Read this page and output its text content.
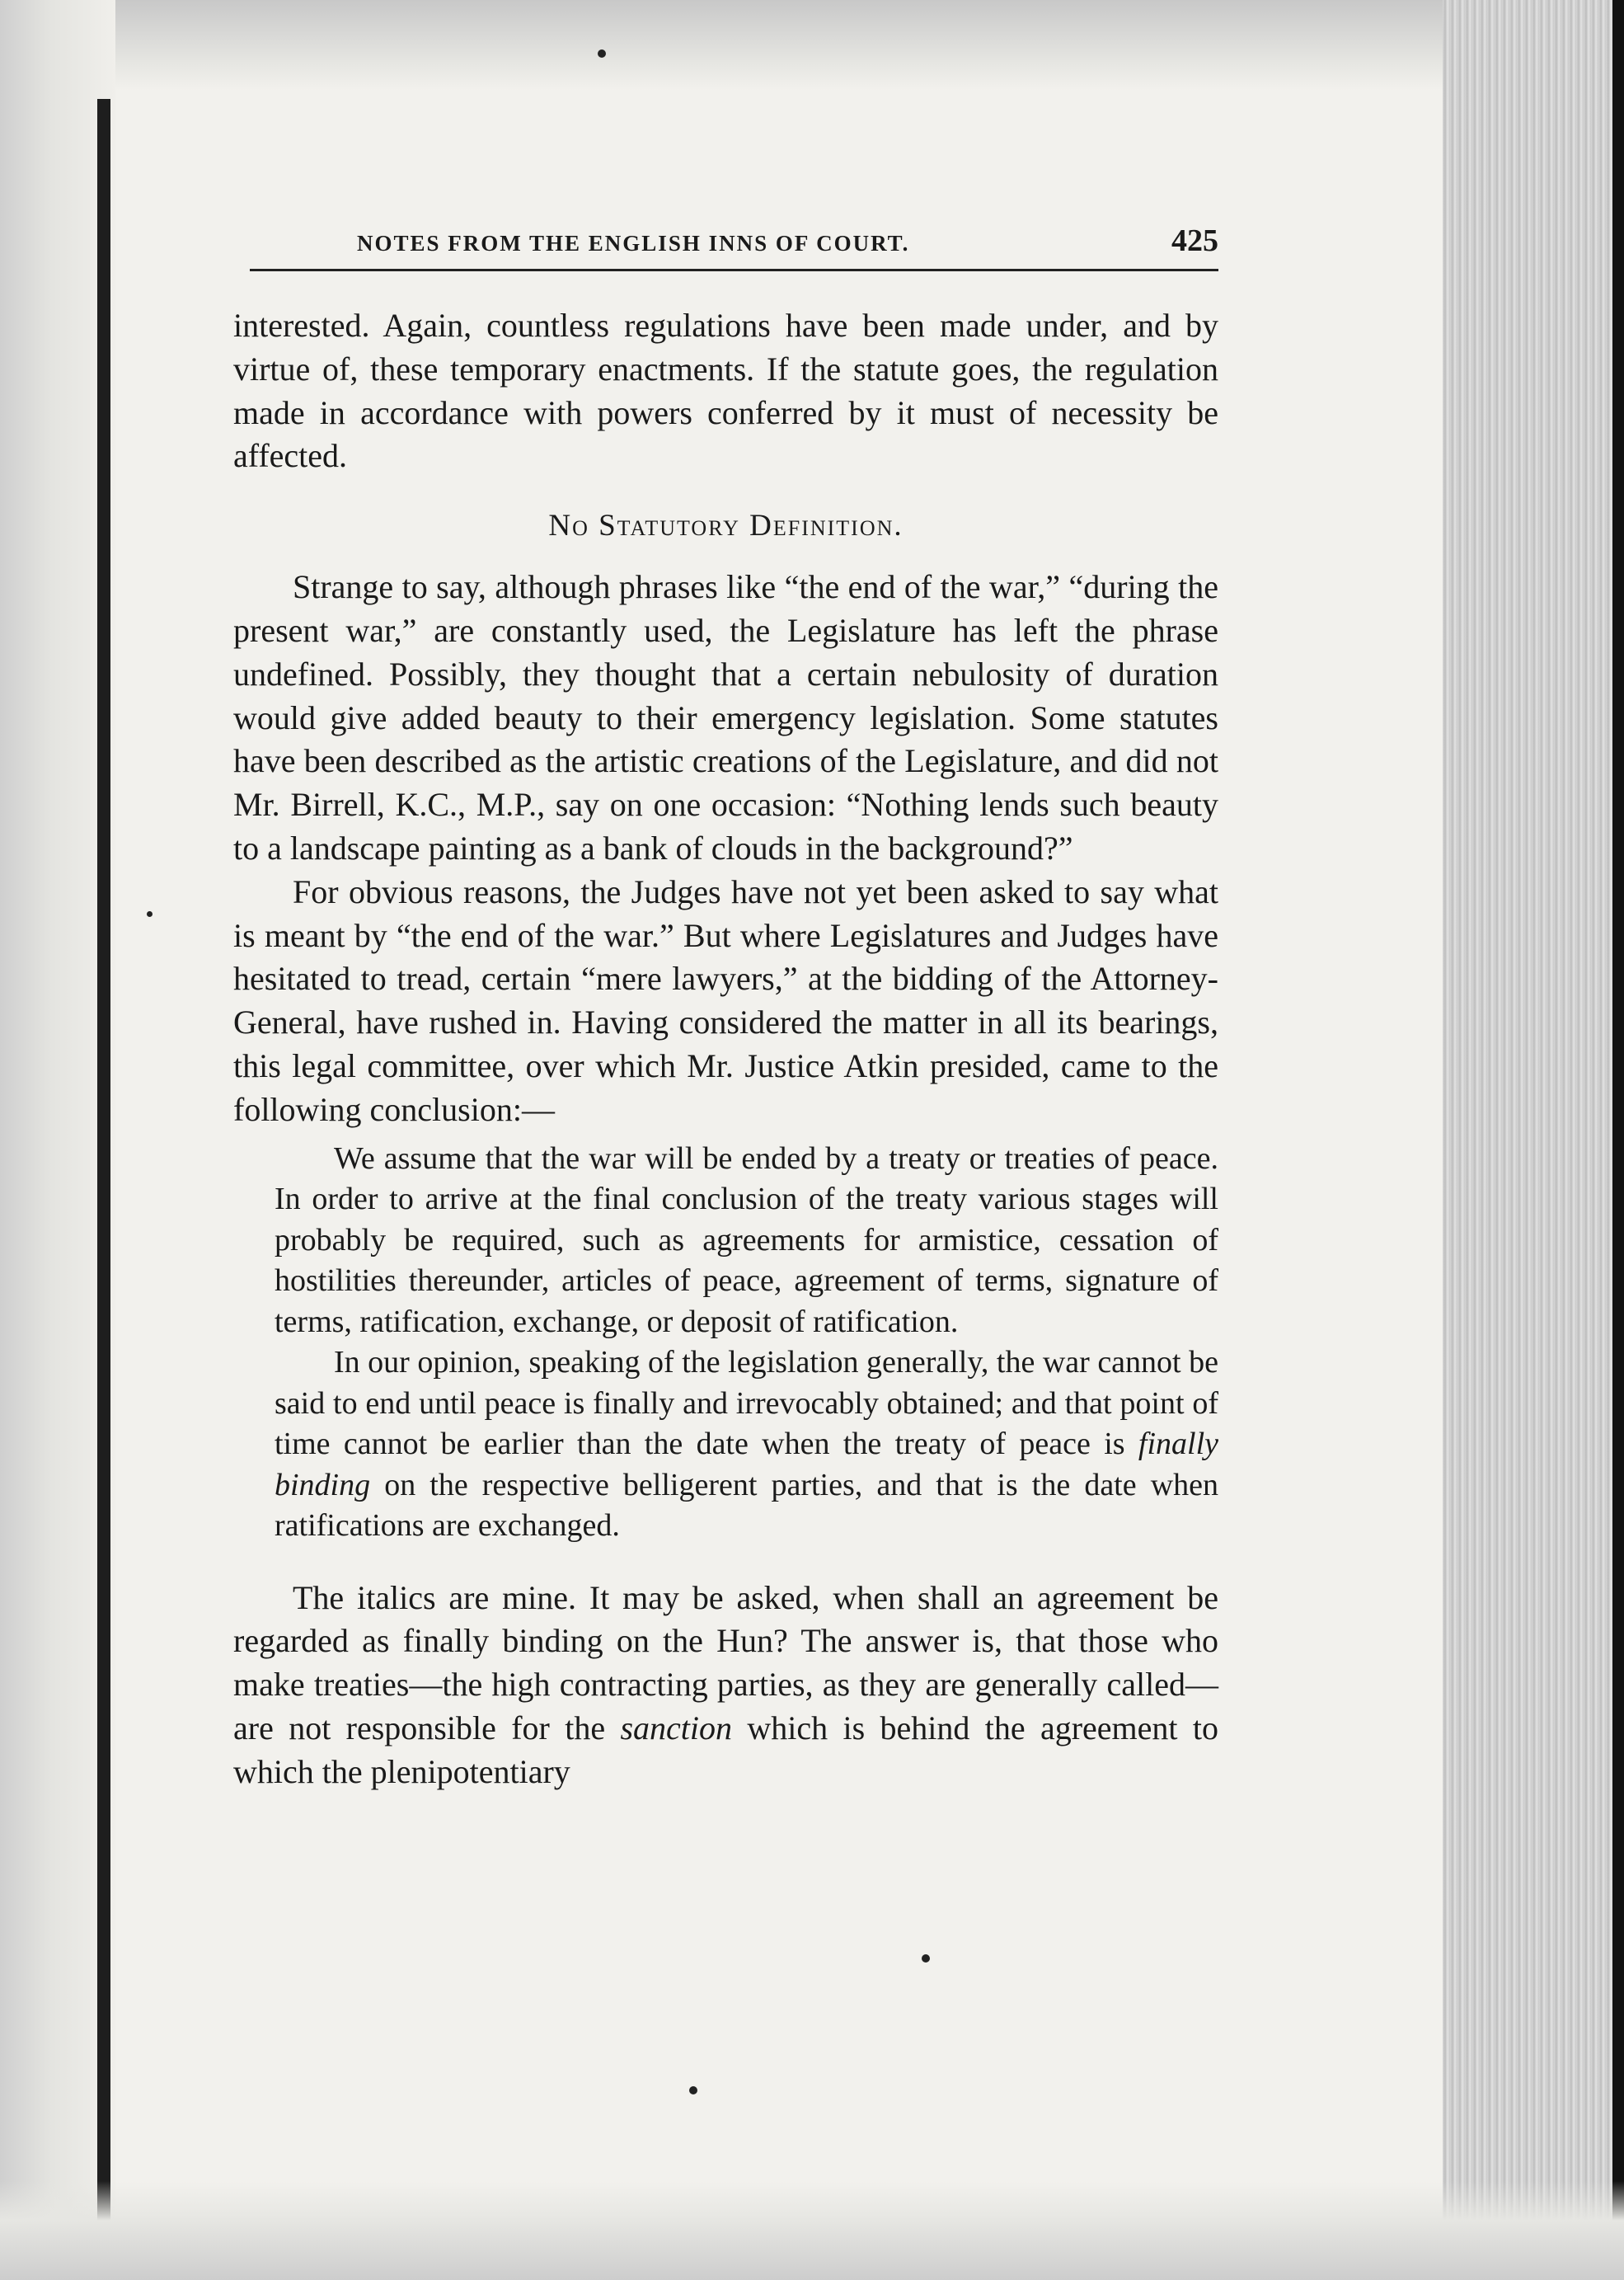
NOTES FROM THE ENGLISH INNS OF COURT.	425

interested. Again, countless regulations have been made under, and by virtue of, these temporary enactments. If the statute goes, the regulation made in accordance with powers conferred by it must of necessity be affected.

No Statutory Definition.

Strange to say, although phrases like “the end of the war,” “during the present war,” are constantly used, the Legislature has left the phrase undefined. Possibly, they thought that a certain nebulosity of duration would give added beauty to their emergency legislation. Some statutes have been described as the artistic creations of the Legislature, and did not Mr. Birrell, K.C., M.P., say on one occasion: “Nothing lends such beauty to a landscape painting as a bank of clouds in the background?”

For obvious reasons, the Judges have not yet been asked to say what is meant by “the end of the war.” But where Legislatures and Judges have hesitated to tread, certain “mere lawyers,” at the bidding of the Attorney-General, have rushed in. Having considered the matter in all its bearings, this legal committee, over which Mr. Justice Atkin presided, came to the following conclusion:—

We assume that the war will be ended by a treaty or treaties of peace. In order to arrive at the final conclusion of the treaty various stages will probably be required, such as agreements for armistice, cessation of hostilities thereunder, articles of peace, agreement of terms, signature of terms, ratification, exchange, or deposit of ratification.

In our opinion, speaking of the legislation generally, the war cannot be said to end until peace is finally and irrevocably obtained; and that point of time cannot be earlier than the date when the treaty of peace is finally binding on the respective belligerent parties, and that is the date when ratifications are exchanged.

The italics are mine. It may be asked, when shall an agreement be regarded as finally binding on the Hun? The answer is, that those who make treaties—the high contracting parties, as they are generally called—are not responsible for the sanction which is behind the agreement to which the plenipotentiary
